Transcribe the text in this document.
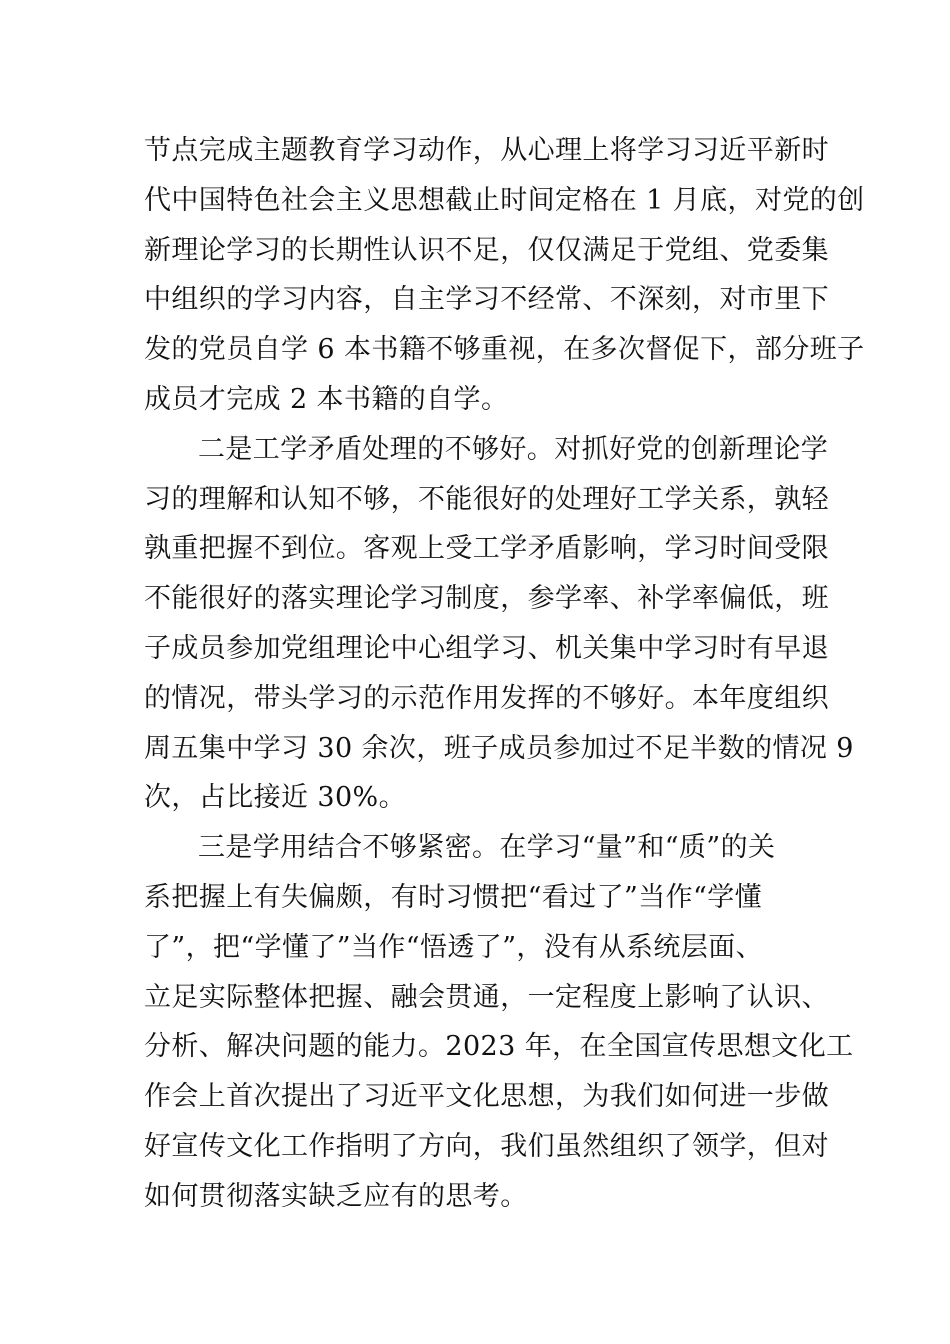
节点完成主题教育学习动作，从心理上将学习习近平新时
代中国特色社会主义思想截止时间定格在 1 月底，对党的创
新理论学习的长期性认识不足，仅仅满足于党组、党委集
中组织的学习内容，自主学习不经常、不深刻，对市里下
发的党员自学 6 本书籍不够重视，在多次督促下，部分班子
成员才完成 2 本书籍的自学。
二是工学矛盾处理的不够好。对抓好党的创新理论学
习的理解和认知不够，不能很好的处理好工学关系，孰轻
孰重把握不到位。客观上受工学矛盾影响，学习时间受限
不能很好的落实理论学习制度，参学率、补学率偏低，班
子成员参加党组理论中心组学习、机关集中学习时有早退
的情况，带头学习的示范作用发挥的不够好。本年度组织
周五集中学习 30 余次，班子成员参加过不足半数的情况 9
次，占比接近 30%。
三是学用结合不够紧密。在学习“量”和“质”的关
系把握上有失偏颇，有时习惯把“看过了”当作“学懂
了”，把“学懂了”当作“悟透了”，没有从系统层面、
立足实际整体把握、融会贯通，一定程度上影响了认识、
分析、解决问题的能力。2023 年，在全国宣传思想文化工
作会上首次提出了习近平文化思想，为我们如何进一步做
好宣传文化工作指明了方向，我们虽然组织了领学，但对
如何贯彻落实缺乏应有的思考。
